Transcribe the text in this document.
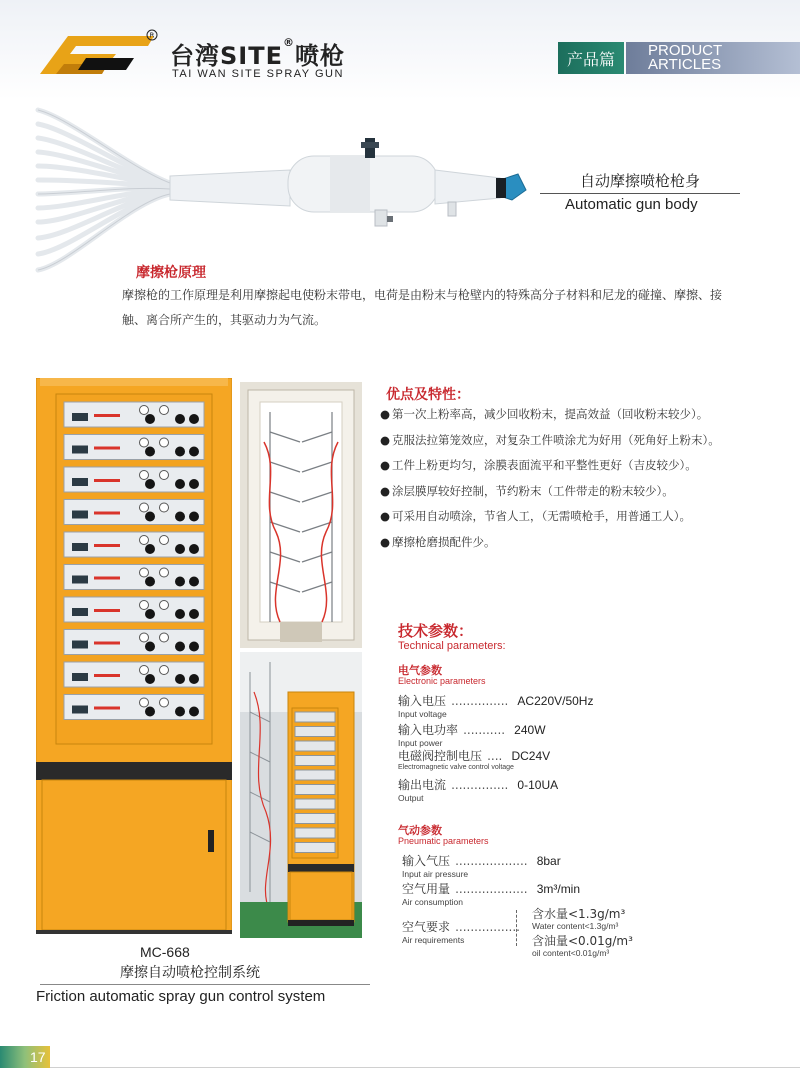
R
台湾SITE®喷枪
TAI WAN SITE SPRAY GUN
产品篇	PRODUCT
ARTICLES
自动摩擦喷枪枪身
Automatic gun body
摩擦枪原理
摩擦枪的工作原理是利用摩擦起电使粉末带电，电荷是由粉末与枪壁内的特殊高分子材料和尼龙的碰撞、摩擦、接触、离合所产生的，其驱动力为气流。
MC-668
摩擦自动喷枪控制系统
Friction automatic spray gun control system
优点及特性：
● 第一次上粉率高，减少回收粉末，提高效益（回收粉末较少）。
● 克服法拉第笼效应，对复杂工件喷涂尤为好用（死角好上粉末）。
● 工件上粉更均匀，涂膜表面流平和平整性更好（吉皮较少）。
● 涂层膜厚较好控制，节约粉末（工件带走的粉末较少）。
● 可采用自动喷涂，节省人工，（无需喷枪手，用普通工人）。
● 摩擦枪磨损配件少。
技术参数：
Technical parameters:
电气参数
Electronic parameters
输入电压 ............... AC220V/50Hz
Input voltage
输入电功率 ........... 240W
Input power
电磁阀控制电压 .... DC24V
Electromagnetic valve control voltage
输出电流 ............... 0-10UA
Output
气动参数
Pneumatic parameters
输入气压 ................... 8bar
Input air pressure
空气用量 ................... 3m³/min
Air consumption
空气要求 .................
Air requirements
含水量<1.3g/m³
Water content<1.3g/m³
含油量<0.01g/m³
oil content<0.01g/m³
17
